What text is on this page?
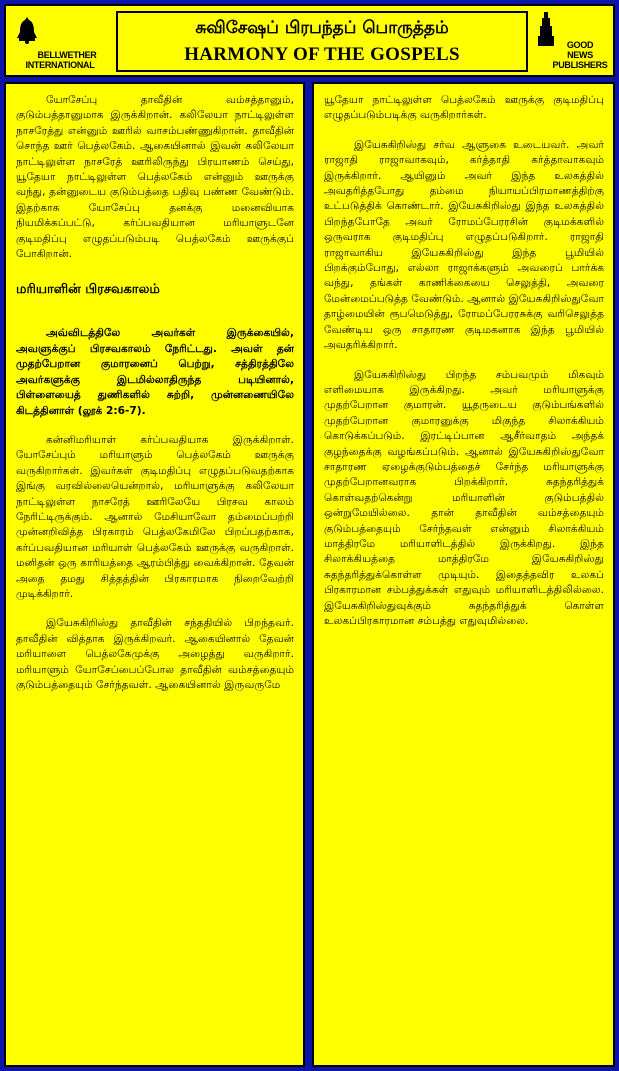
BELLWETHER
INTERNATIONAL
சுவிசேஷப் பிரபந்தப் பொருத்தம்
HARMONY OF THE GOSPELS	GOOD NEWS
PUBLISHERS

யோசேப்பு தாவீதின் வம்சத்தானும், குடும்பத்தானுமாக இருக்கிறான். கலிலேயா நாட்டிலுள்ள நாசரேத்து என்னும் ஊரில் வாசம்பண்ணுகிறான். தாவீதின் சொந்த ஊர் பெத்லகேம். ஆகையினால் இவன் கலிலேயா நாட்டிலுள்ள நாசரேத் ஊரிலிருந்து பிரயாணம் செய்து, யூதேயா நாட்டிலுள்ள பெத்லகேம் என்னும் ஊருக்கு வந்து, தன்னுடைய குடும்பத்தை பதிவு பண்ண வேண்டும். இதற்காக யோசேப்பு தனக்கு மனைவியாக நியமிக்கப்பட்டு, கர்ப்பவதியான மரியாளுடனே குடிமதிப்பு எழுதப்படும்படி பெத்லகேம் ஊருக்குப் போகிறான்.

மரியாளின் பிரசவகாலம்

அவ்விடத்திலே அவர்கள் இருக்கையில், அவளுக்குப் பிரசவகாலம் நேரிட்டது. அவள் தன் முதற்பேறான குமாரனைப் பெற்று, சத்திரத்திலே அவர்களுக்கு இடமில்லாதிருந்த படியினால், பிள்ளையைத் துணிகளில் சுற்றி, முன்னணையிலே கிடத்தினாள் (லூக் 2:6-7).

கன்னிமரியாள் கர்ப்பவதியாக இருக்கிறாள். யோசேப்பும் மரியாளும் பெத்லகேம் ஊருக்கு வருகிறார்கள். இவர்கள் குடிமதிப்பு எழுதப்படுவதற்காக இங்கு வரவில்லையென்றால், மரியாளுக்கு கலிலேயா நாட்டிலுள்ள நாசரேத் ஊரிலேயே பிரசவ காலம் நேரிட்டிருக்கும். ஆனால் மேசியாவோ தம்மைப்பற்றி முன்னறிவித்த பிரகாரம் பெத்லகேமிலே பிறப்பதற்காக, கர்ப்பவதியான மரியாள் பெத்லகேம் ஊருக்கு வருகிறாள். மனிதன் ஒரு காரியத்தை ஆரம்பித்து வைக்கிறான். தேவன் அதை தமது சித்தத்தின் பிரகாரமாக நிறைவேற்றி முடிக்கிறார்.

இயேசுகிறிஸ்து தாவீதின் சந்ததியில் பிறந்தவர். தாவீதின் வித்தாக இருக்கிறவர். ஆகையினால் தேவன் மரியாளை பெத்லகேமுக்கு அழைத்து வருகிறார். மரியாளும் யோசேப்பைப்போல தாவீதின் வம்சத்தையும் குடும்பத்தையும் சேர்ந்தவள். ஆகையினால் இருவருமே

யூதேயா நாட்டிலுள்ள பெத்லகேம் ஊருக்கு குடிமதிப்பு எழுதப்படும்படிக்கு வருகிறார்கள்.

இயேசுகிறிஸ்து சர்வ ஆளுகை உடையவர். அவர் ராஜாதி ராஜாவாகவும், கர்த்தாதி கர்த்தாவாகவும் இருக்கிறார். ஆயினும் அவர் இந்த உலகத்தில் அவதரித்தபோது தம்மை நியாயப்பிரமாணத்திற்கு உட்படுத்திக் கொண்டார். இயேசுகிறிஸ்து இந்த உலகத்தில் பிறந்தபோதே அவர் ரோமப்பேரரசின் குடிமக்களில் ஒருவராக குடிமதிப்பு எழுதப்படுகிறார். ராஜாதி ராஜாவாகிய இயேசுகிறிஸ்து இந்த பூமியில் பிறக்கும்போது, எல்லா ராஜாக்களும் அவரைப் பார்க்க வந்து, தங்கள் காணிக்கையை செலுத்தி, அவரை மேன்மைப்படுத்த வேண்டும். ஆனால் இயேசுகிறிஸ்துவோ தாழ்மையின் ரூபமெடுத்து, ரோமப்பேரரசுக்கு வரிசெலுத்த வேண்டிய ஒரு சாதாரண குடிமகனாக இந்த பூமியில் அவதரிக்கிறார்.

இயேசுகிறிஸ்து பிறந்த சம்பவமும் மிகவும் எளிமையாக இருக்கிறது. அவர் மரியாளுக்கு முதற்பேறான குமாரன். யூதருடைய குடும்பங்களில் முதற்பேறான குமாரனுக்கு மிகுந்த சிலாக்கியம் கொடுக்கப்படும். இரட்டிப்பான ஆசீர்வாதம் அந்தக் குழந்தைக்கு வழங்கப்படும். ஆனால் இயேசுகிறிஸ்துவோ சாதாரண ஏழைக்குடும்பத்தைச் சேர்ந்த மரியாளுக்கு முதற்பேறானவராக பிறக்கிறார். சுதந்தரித்துக் கொள்வதற்கென்று மரியாளின் குடும்பத்தில் ஒன்றுமேயில்லை. தான் தாவீதின் வம்சத்தையும் குடும்பத்தையும் சேர்ந்தவள் என்னும் சிலாக்கியம் மாத்திரமே மரியாளிடத்தில் இருக்கிறது. இந்த சிலாக்கியத்தை மாத்திரமே இயேசுகிறிஸ்து சுதந்தரித்துக்கொள்ள முடியும். இதைத்தவிர உலகப் பிரகாரமான சம்பத்துக்கள் எதுவும் மரியாளிடத்திலில்லை. இயேசுகிறிஸ்துவுக்கும் சுதந்தரித்துக் கொள்ள உலகப்பிரகாரமான சம்பத்து எதுவுமில்லை.
